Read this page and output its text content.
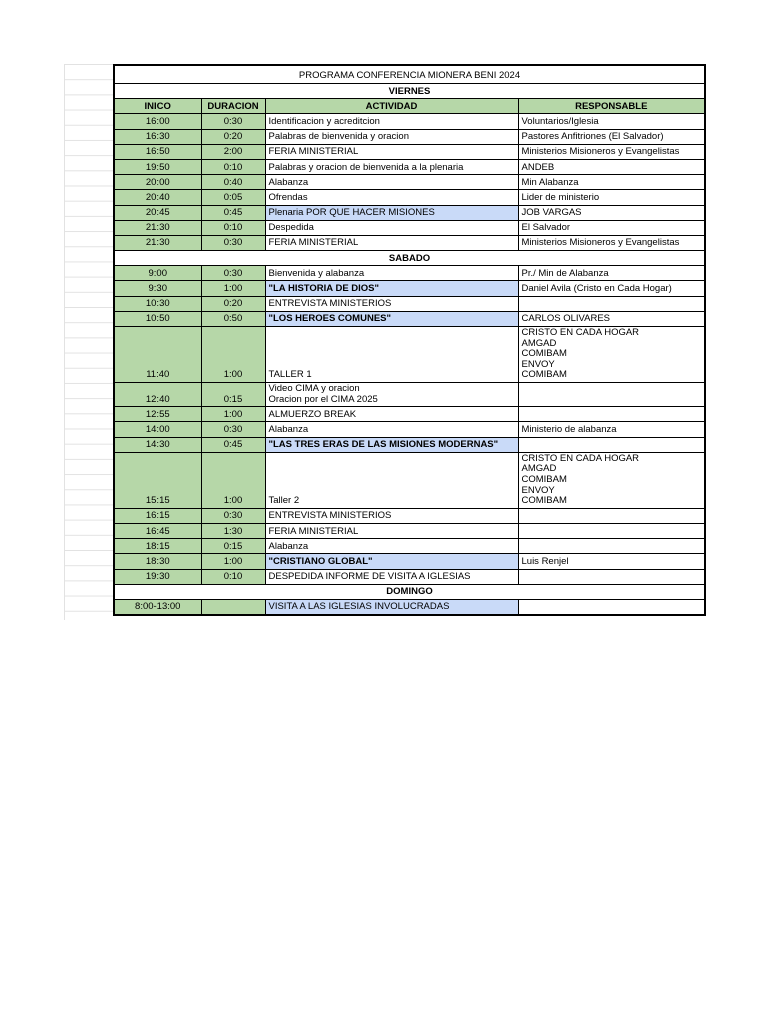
PROGRAMA CONFERENCIA MIONERA BENI 2024			
VIERNES			
INICO	DURACION	ACTIVIDAD	RESPONSABLE
16:00	0:30	Identificacion y acreditcion	Voluntarios/Iglesia
16:30	0:20	Palabras de bienvenida y oracion	Pastores Anfitriones (El Salvador)
16:50	2:00	FERIA MINISTERIAL	Ministerios Misioneros y Evangelistas
19:50	0:10	Palabras y oracion de bienvenida a la plenaria	ANDEB
20:00	0:40	Alabanza	Min Alabanza
20:40	0:05	Ofrendas	Lider de ministerio
20:45	0:45	Plenaria POR QUE HACER MISIONES	JOB VARGAS
21:30	0:10	Despedida	El Salvador
21:30	0:30	FERIA MINISTERIAL	Ministerios Misioneros y Evangelistas
SABADO			
9:00	0:30	Bienvenida y alabanza	Pr./ Min de Alabanza
9:30	1:00	"LA HISTORIA DE DIOS"	Daniel Avila (Cristo en Cada Hogar)
10:30	0:20	ENTREVISTA MINISTERIOS	
10:50	0:50	"LOS HEROES COMUNES"	CARLOS OLIVARES
11:40	1:00	TALLER 1	CRISTO EN CADA HOGAR
AMGAD
COMIBAM
ENVOY
COMIBAM
12:40	0:15	Video CIMA y oracion
Oracion por el CIMA 2025	
12:55	1:00	ALMUERZO BREAK	
14:00	0:30	Alabanza	Ministerio de alabanza
14:30	0:45	"LAS TRES ERAS DE LAS MISIONES MODERNAS"	
15:15	1:00	Taller 2	CRISTO EN CADA HOGAR
AMGAD
COMIBAM
ENVOY
COMIBAM
16:15	0:30	ENTREVISTA MINISTERIOS	
16:45	1:30	FERIA MINISTERIAL	
18:15	0:15	Alabanza	
18:30	1:00	"CRISTIANO GLOBAL"	Luis Renjel
19:30	0:10	DESPEDIDA INFORME DE VISITA A IGLESIAS	
DOMINGO			
8:00-13:00		VISITA A LAS IGLESIAS INVOLUCRADAS	
